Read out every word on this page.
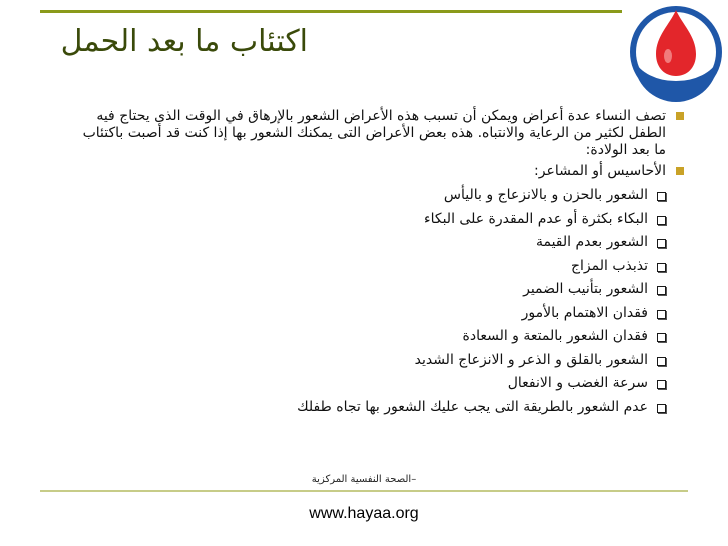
اكتئاب ما بعد الحمل
تصف النساء عدة أعراض ويمكن أن تسبب هذه الأعراض الشعور بالإرهاق في الوقت الذى يحتاج فيه الطفل لكثير من الرعاية والانتباه. هذه بعض الأعراض التى يمكنك الشعور بها إذا كنت قد أصبت باكتئاب ما بعد الولادة:
الأحاسيس أو المشاعر:
الشعور بالحزن و بالانزعاج و باليأس
البكاء بكثرة أو عدم المقدرة على البكاء
الشعور بعدم القيمة
تذبذب المزاج
الشعور بتأنيب الضمير
فقدان الاهتمام بالأمور
فقدان الشعور بالمتعة و السعادة
الشعور بالقلق و الذعر و الانزعاج الشديد
سرعة الغضب و الانفعال
عدم الشعور بالطريقة التى يجب عليك الشعور بها تجاه طفلك
–الصحة النفسية المركزية
www.hayaa.org
